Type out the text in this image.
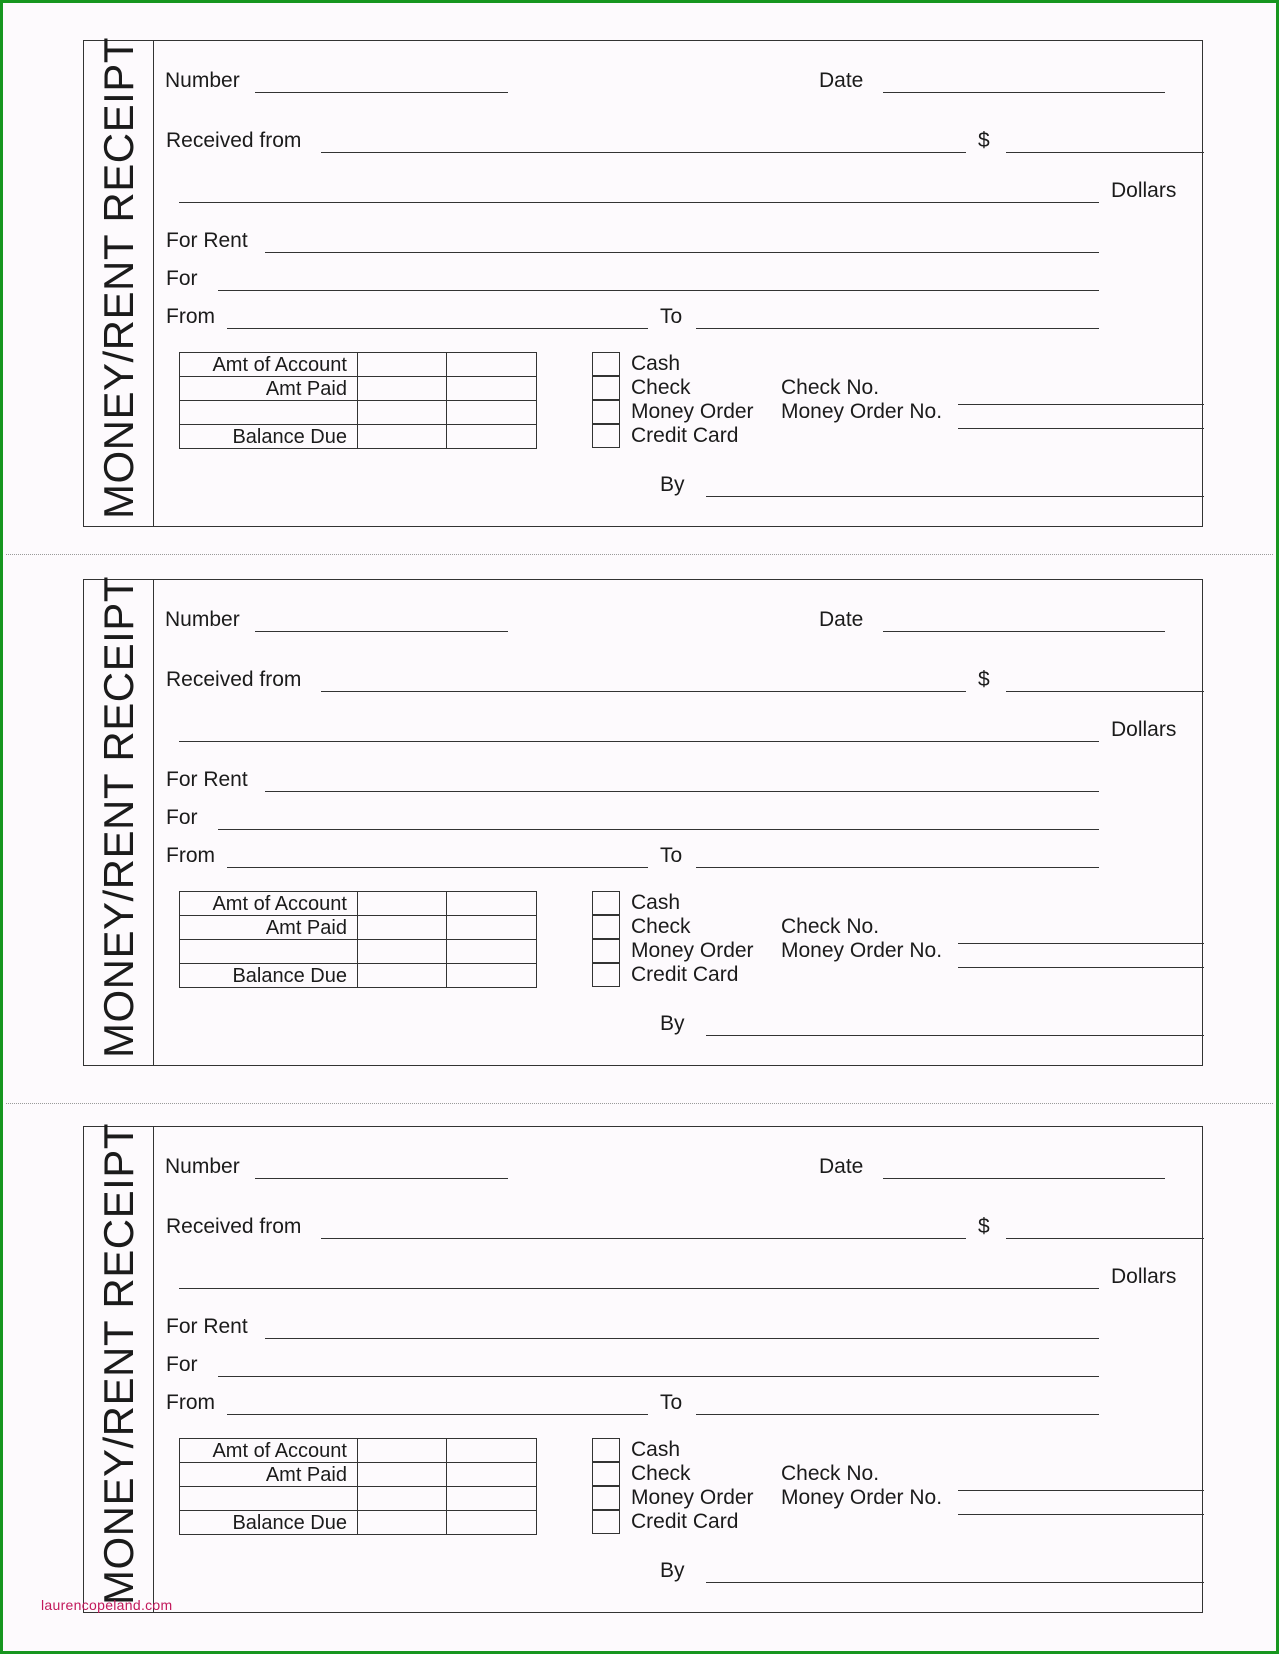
MONEY/RENT RECEIPT Number	Date
Received from	$
Dollars
For Rent
For
From	To
Amt of Account		
Amt Paid		

Balance Due		
Cash
Check
Money Order
Credit Card
Check No.
Money Order No.
By
MONEY/RENT RECEIPT Number	Date
Received from	$
Dollars
For Rent
For
From	To
Amt of Account		
Amt Paid		

Balance Due		
Cash
Check
Money Order
Credit Card
Check No.
Money Order No.
By
MONEY/RENT RECEIPT Number	Date
Received from	$
Dollars
For Rent
For
From	To
Amt of Account		
Amt Paid		

Balance Due		
Cash
Check
Money Order
Credit Card
Check No.
Money Order No.
By
laurencopeland.com
